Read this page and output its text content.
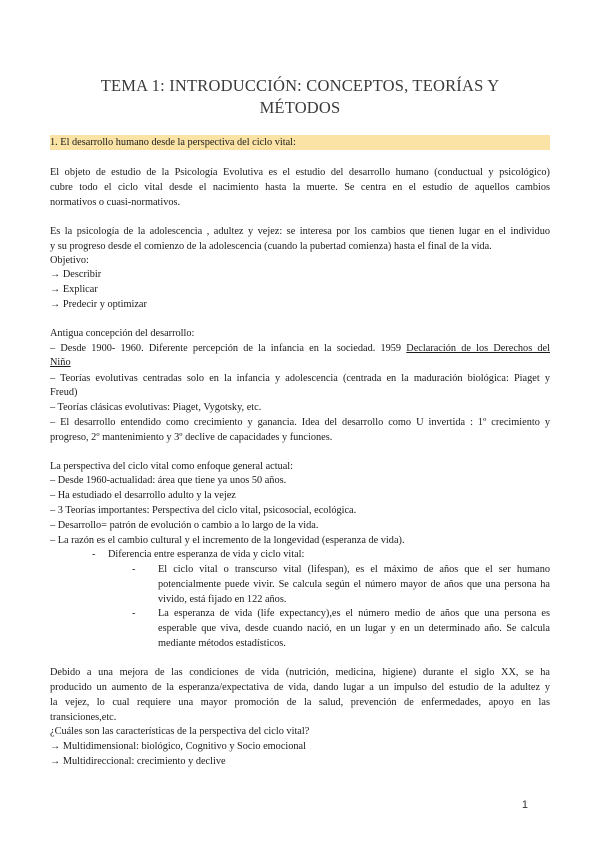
TEMA 1: INTRODUCCIÓN: CONCEPTOS, TEORÍAS Y
MÉTODOS
1. El desarrollo humano desde la perspectiva del ciclo vital:
El objeto de estudio de la Psicología Evolutiva es el estudio del desarrollo humano (conductual y psicológico)
cubre todo el ciclo vital desde el nacimiento hasta la muerte. Se centra en el estudio de aquellos cambios
normativos o cuasi-normativos.
Es la psicología de la adolescencia , adultez y vejez: se interesa por los cambios que tienen lugar en el individuo
y su progreso desde el comienzo de la adolescencia (cuando la pubertad comienza) hasta el final de la vida.
Objetivo:
→ Describir
→ Explicar
→ Predecir y optimizar
Antigua concepción del desarrollo:
– Desde 1900- 1960. Diferente percepción de la infancia en la sociedad. 1959 Declaración de los Derechos del
Niño
– Teorías evolutivas centradas solo en la infancia y adolescencia (centrada en la maduración biológica: Piaget y
Freud)
– Teorías clásicas evolutivas: Piaget, Vygotsky, etc.
– El desarrollo entendido como crecimiento y ganancia. Idea del desarrollo como U invertida : 1º crecimiento y
progreso, 2º mantenimiento y 3º declive de capacidades y funciones.
La perspectiva del ciclo vital como enfoque general actual:
– Desde 1960-actualidad: área que tiene ya unos 50 años.
– Ha estudiado el desarrollo adulto y la vejez
– 3 Teorías importantes: Perspectiva del ciclo vital, psicosocial, ecológica.
– Desarrollo= patrón de evolución o cambio a lo largo de la vida.
– La razón es el cambio cultural y el incremento de la longevidad (esperanza de vida).
- Diferencia entre esperanza de vida y ciclo vital:
- El ciclo vital o transcurso vital (lifespan), es el máximo de años que el ser humano
potencialmente puede vivir. Se calcula según el número mayor de años que una persona ha
vivido, está fijado en 122 años.
- La esperanza de vida (life expectancy),es el número medio de años que una persona es
esperable que viva, desde cuando nació, en un lugar y en un determinado año. Se calcula
mediante métodos estadísticos.
Debido a una mejora de las condiciones de vida (nutrición, medicina, higiene) durante el siglo XX, se ha
producido un aumento de la esperanza/expectativa de vida, dando lugar a un impulso del estudio de la adultez y
la vejez, lo cual requiere una mayor promoción de la salud, prevención de enfermedades, apoyo en las
transiciones,etc.
¿Cuáles son las características de la perspectiva del ciclo vital?
→ Multidimensional: biológico, Cognitivo y Socio emocional
→ Multidireccional: crecimiento y declive
1
